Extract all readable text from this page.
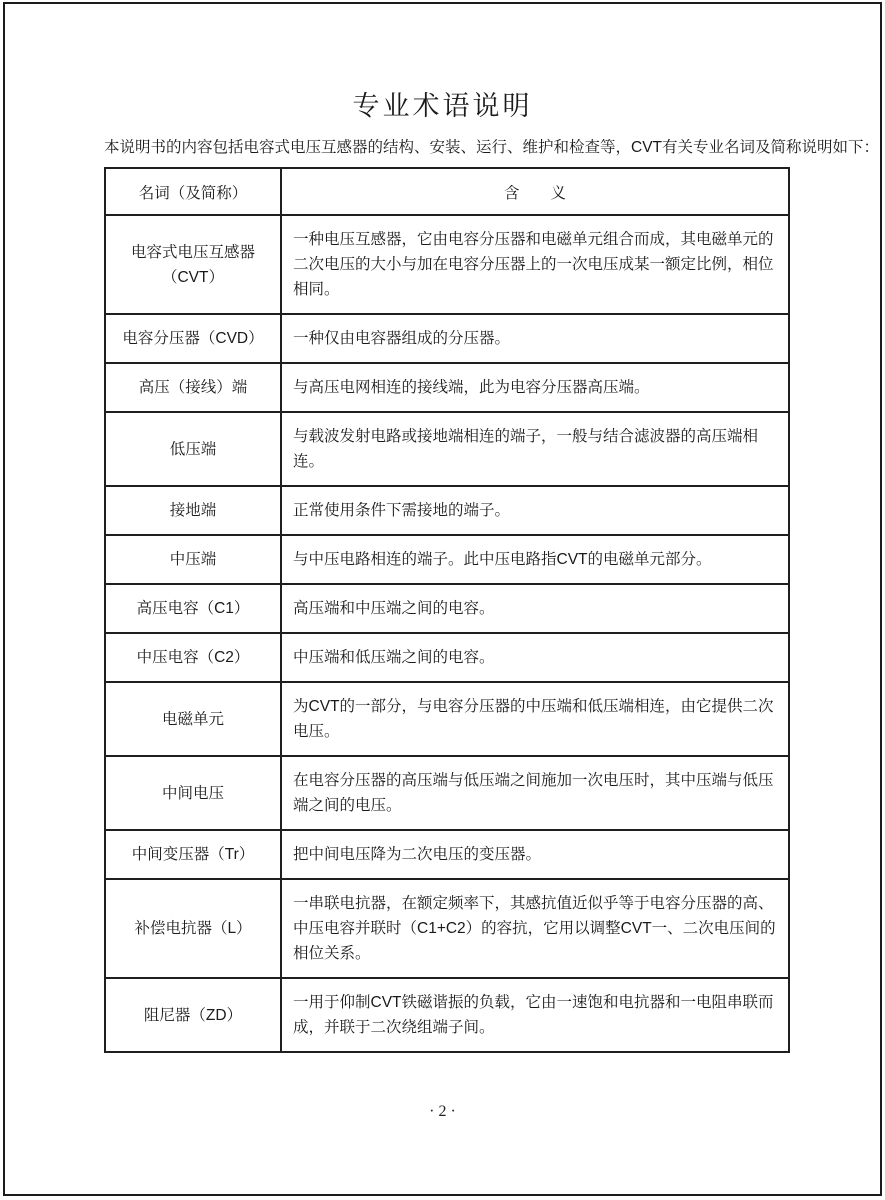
专业术语说明
本说明书的内容包括电容式电压互感器的结构、安装、运行、维护和检查等，CVT有关专业名词及简称说明如下：
名词（及简称）	含　　义
电容式电压互感器（CVT）	一种电压互感器，它由电容分压器和电磁单元组合而成，其电磁单元的二次电压的大小与加在电容分压器上的一次电压成某一额定比例，相位相同。
电容分压器（CVD）	一种仅由电容器组成的分压器。
高压（接线）端	与高压电网相连的接线端，此为电容分压器高压端。
低压端	与载波发射电路或接地端相连的端子，一般与结合滤波器的高压端相连。
接地端	正常使用条件下需接地的端子。
中压端	与中压电路相连的端子。此中压电路指CVT的电磁单元部分。
高压电容（C1）	高压端和中压端之间的电容。
中压电容（C2）	中压端和低压端之间的电容。
电磁单元	为CVT的一部分，与电容分压器的中压端和低压端相连，由它提供二次电压。
中间电压	在电容分压器的高压端与低压端之间施加一次电压时，其中压端与低压端之间的电压。
中间变压器（Tr）	把中间电压降为二次电压的变压器。
补偿电抗器（L）	一串联电抗器，在额定频率下，其感抗值近似乎等于电容分压器的高、中压电容并联时（C1+C2）的容抗，它用以调整CVT一、二次电压间的相位关系。
阻尼器（ZD）	一用于仰制CVT铁磁谐振的负载，它由一速饱和电抗器和一电阻串联而成，并联于二次绕组端子间。
· 2 ·
